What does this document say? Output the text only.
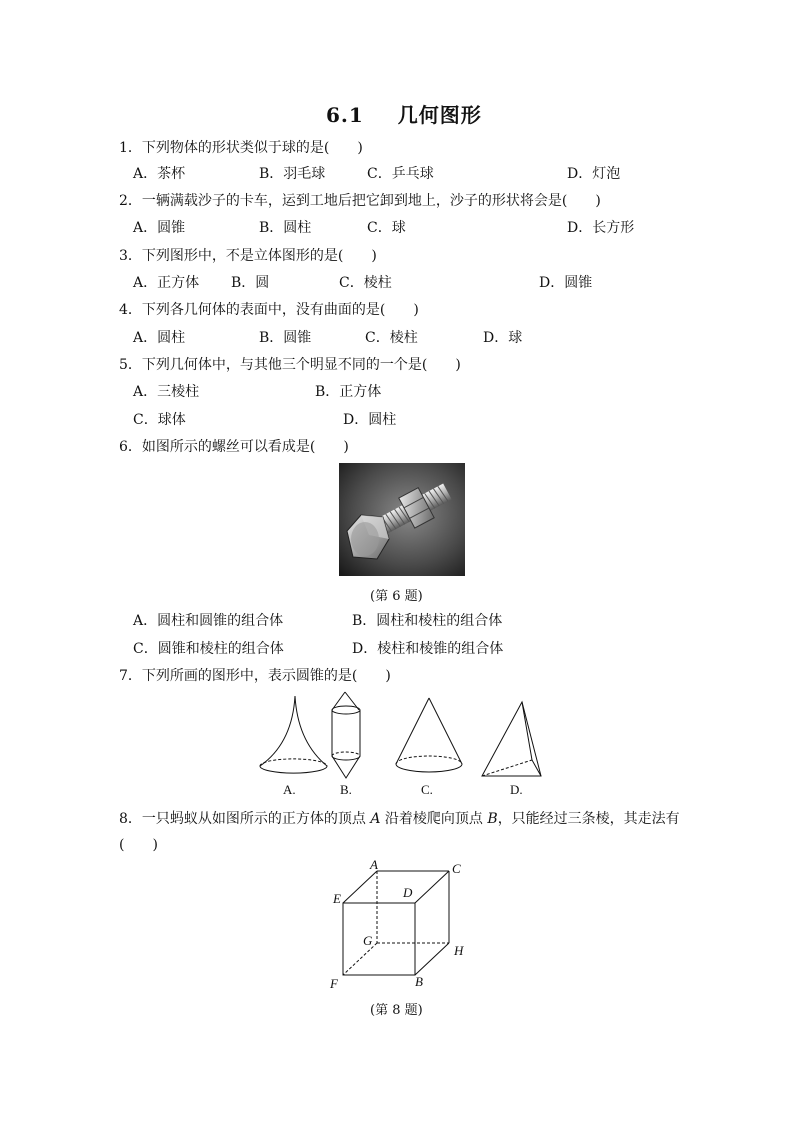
6.1 几何图形
1．下列物体的形状类似于球的是(　　)
A．茶杯	B．羽毛球	C．乒乓球	D．灯泡
2．一辆满载沙子的卡车，运到工地后把它卸到地上，沙子的形状将会是(　　)
A．圆锥	B．圆柱	C．球	D．长方形
3．下列图形中，不是立体图形的是(　　)
A．正方体 B．圆	C．棱柱	D．圆锥
4．下列各几何体的表面中，没有曲面的是(　　)
A．圆柱	B．圆锥	C．棱柱	D．球
5．下列几何体中，与其他三个明显不同的一个是(　　)
A．三棱柱	B．正方体
C．球体	D．圆柱
6．如图所示的螺丝可以看成是(　　)
(第 6 题)
A．圆柱和圆锥的组合体	B．圆柱和棱柱的组合体
C．圆锥和棱柱的组合体	D．棱柱和棱锥的组合体
7．下列所画的图形中，表示圆锥的是(　　)
A.	B.	C.	D.
8．一只蚂蚁从如图所示的正方体的顶点 A 沿着棱爬向顶点 B，只能经过三条棱，其走法有
(　　)
A	C
D
E
G
H
F	B
(第 8 题)
